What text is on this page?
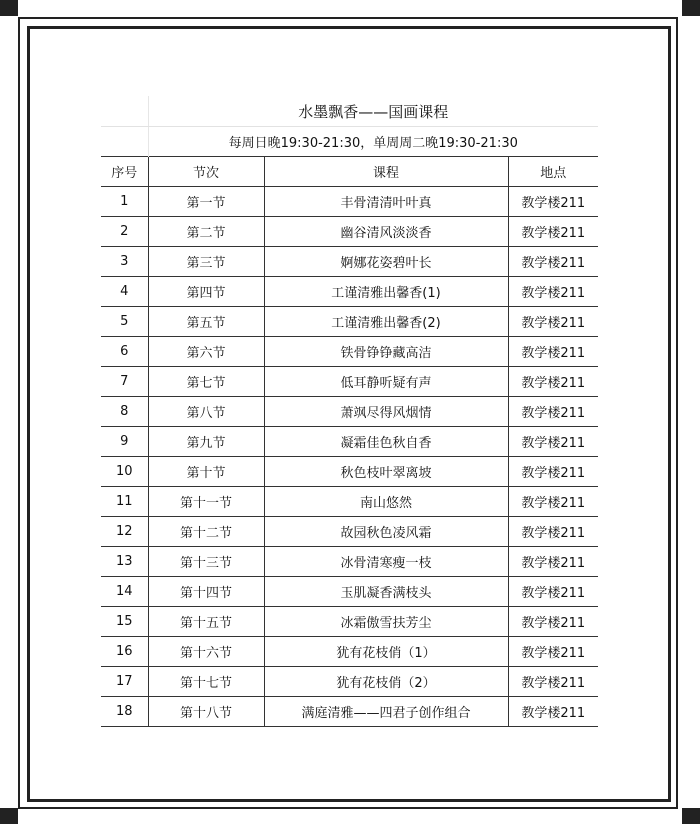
	水墨飘香——国画课程		
	每周日晚19:30-21:30，单周周二晚19:30-21:30		
序号	节次	课程	地点
1	第一节	丰骨清清叶叶真	教学楼211
2	第二节	幽谷清风淡淡香	教学楼211
3	第三节	婀娜花姿碧叶长	教学楼211
4	第四节	工谨清雅出馨香(1)	教学楼211
5	第五节	工谨清雅出馨香(2)	教学楼211
6	第六节	铁骨铮铮藏高洁	教学楼211
7	第七节	低耳静听疑有声	教学楼211
8	第八节	萧飒尽得风烟情	教学楼211
9	第九节	凝霜佳色秋自香	教学楼211
10	第十节	秋色枝叶翠离坡	教学楼211
11	第十一节	南山悠然	教学楼211
12	第十二节	故园秋色凌风霜	教学楼211
13	第十三节	冰骨清寒瘦一枝	教学楼211
14	第十四节	玉肌凝香满枝头	教学楼211
15	第十五节	冰霜傲雪扶芳尘	教学楼211
16	第十六节	犹有花枝俏（1）	教学楼211
17	第十七节	犹有花枝俏（2）	教学楼211
18	第十八节	满庭清雅——四君子创作组合	教学楼211
